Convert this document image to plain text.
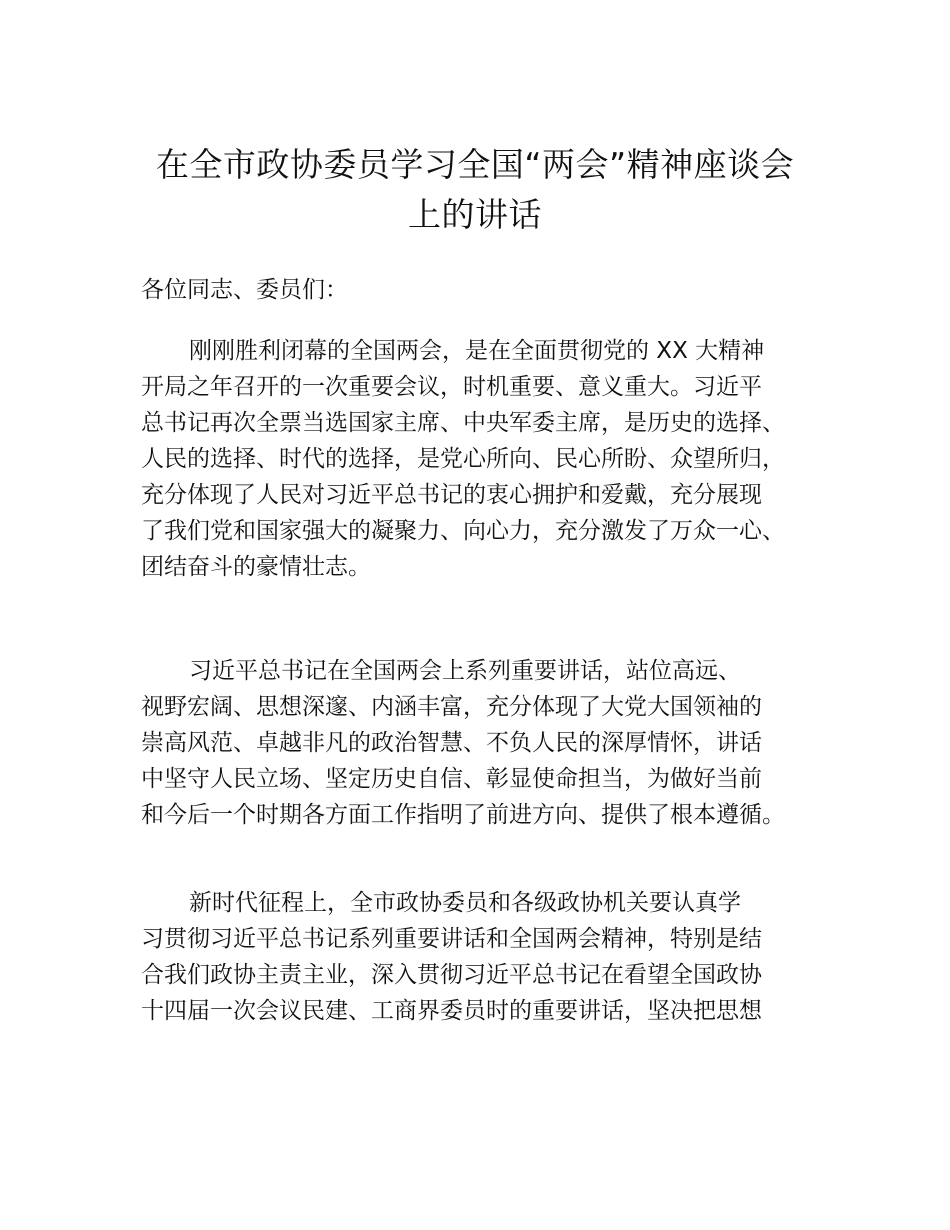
在全市政协委员学习全国“两会”精神座谈会
上的讲话
各位同志、委员们：
刚刚胜利闭幕的全国两会，是在全面贯彻党的 XX 大精神
开局之年召开的一次重要会议，时机重要、意义重大。习近平
总书记再次全票当选国家主席、中央军委主席，是历史的选择、
人民的选择、时代的选择，是党心所向、民心所盼、众望所归，
充分体现了人民对习近平总书记的衷心拥护和爱戴，充分展现
了我们党和国家强大的凝聚力、向心力，充分激发了万众一心、
团结奋斗的豪情壮志。
习近平总书记在全国两会上系列重要讲话，站位高远、
视野宏阔、思想深邃、内涵丰富，充分体现了大党大国领袖的
崇高风范、卓越非凡的政治智慧、不负人民的深厚情怀，讲话
中坚守人民立场、坚定历史自信、彰显使命担当，为做好当前
和今后一个时期各方面工作指明了前进方向、提供了根本遵循。
新时代征程上，全市政协委员和各级政协机关要认真学
习贯彻习近平总书记系列重要讲话和全国两会精神，特别是结
合我们政协主责主业，深入贯彻习近平总书记在看望全国政协
十四届一次会议民建、工商界委员时的重要讲话，坚决把思想
